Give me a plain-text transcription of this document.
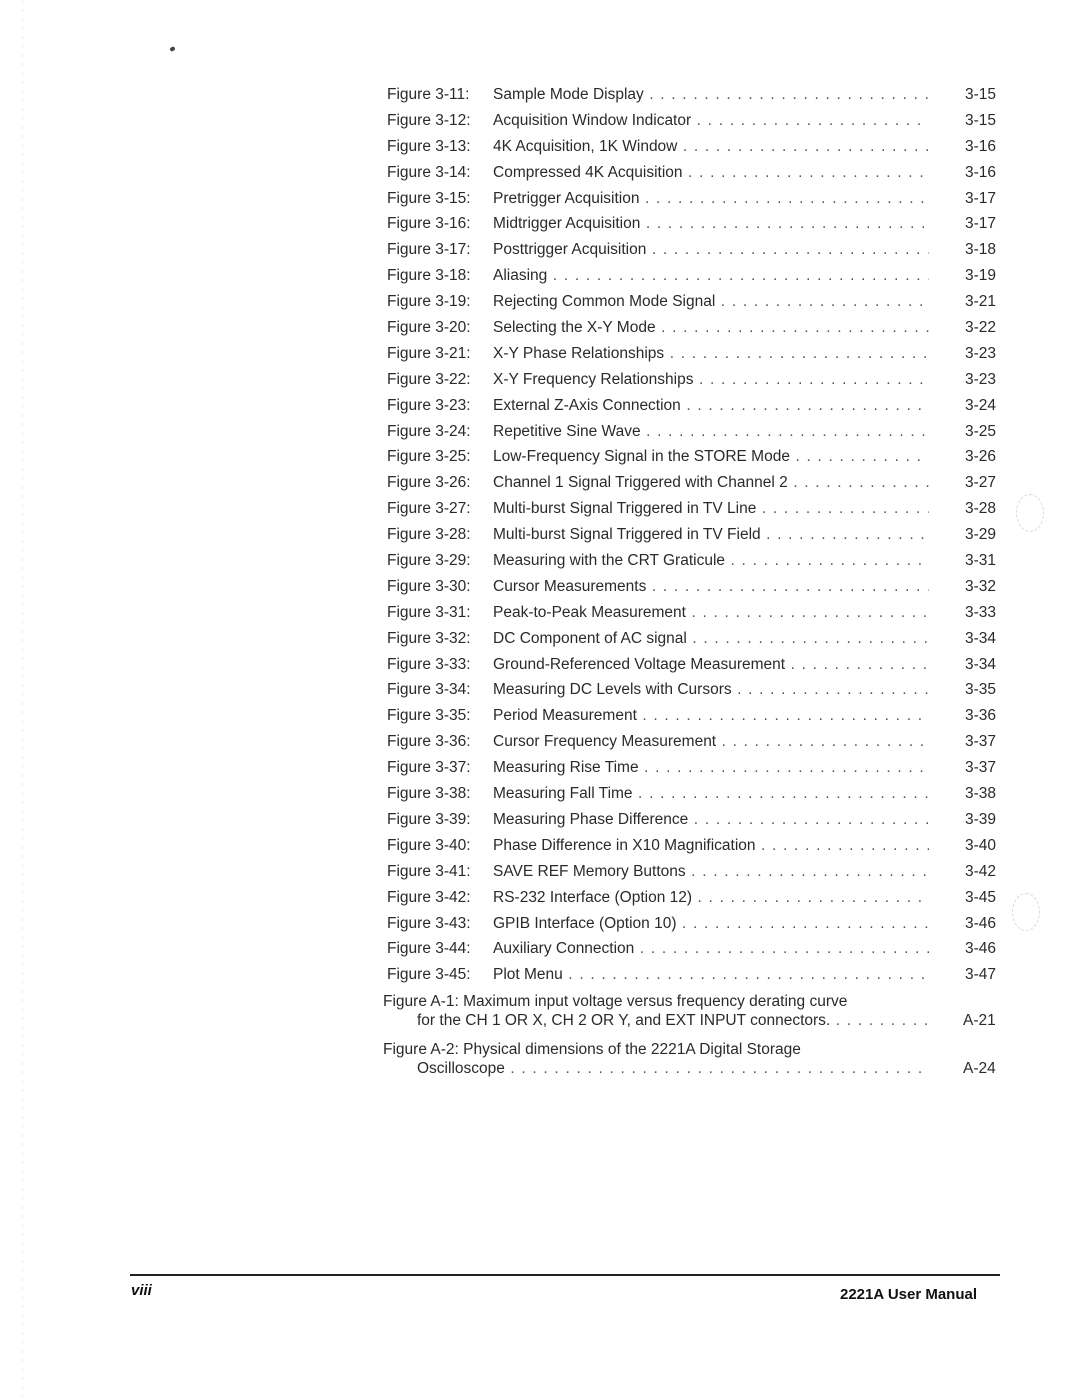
Figure 3-11:	Sample Mode Display . . .	3-15
Figure 3-12:	Acquisition Window Indicator . . .	3-15
Figure 3-13:	4K Acquisition, 1K Window . . .	3-16
Figure 3-14:	Compressed 4K Acquisition . . .	3-16
Figure 3-15:	Pretrigger Acquisition . . .	3-17
Figure 3-16:	Midtrigger Acquisition . . .	3-17
Figure 3-17:	Posttrigger Acquisition . . .	3-18
Figure 3-18:	Aliasing . . .	3-19
Figure 3-19:	Rejecting Common Mode Signal . . .	3-21
Figure 3-20:	Selecting the X-Y Mode . . .	3-22
Figure 3-21:	X-Y Phase Relationships . . .	3-23
Figure 3-22:	X-Y Frequency Relationships . . .	3-23
Figure 3-23:	External Z-Axis Connection . . .	3-24
Figure 3-24:	Repetitive Sine Wave . . .	3-25
Figure 3-25:	Low-Frequency Signal in the STORE Mode . . .	3-26
Figure 3-26:	Channel 1 Signal Triggered with Channel 2 . . .	3-27
Figure 3-27:	Multi-burst Signal Triggered in TV Line . . .	3-28
Figure 3-28:	Multi-burst Signal Triggered in TV Field . . .	3-29
Figure 3-29:	Measuring with the CRT Graticule . . .	3-31
Figure 3-30:	Cursor Measurements . . .	3-32
Figure 3-31:	Peak-to-Peak Measurement . . .	3-33
Figure 3-32:	DC Component of AC signal . . .	3-34
Figure 3-33:	Ground-Referenced Voltage Measurement . . .	3-34
Figure 3-34:	Measuring DC Levels with Cursors . . .	3-35
Figure 3-35:	Period Measurement . . .	3-36
Figure 3-36:	Cursor Frequency Measurement . . .	3-37
Figure 3-37:	Measuring Rise Time . . .	3-37
Figure 3-38:	Measuring Fall Time . . .	3-38
Figure 3-39:	Measuring Phase Difference . . .	3-39
Figure 3-40:	Phase Difference in X10 Magnification . . .	3-40
Figure 3-41:	SAVE REF Memory Buttons . . .	3-42
Figure 3-42:	RS-232 Interface (Option 12) . . .	3-45
Figure 3-43:	GPIB Interface (Option 10) . . .	3-46
Figure 3-44:	Auxiliary Connection . . .	3-46
Figure 3-45:	Plot Menu . . .	3-47
Figure A-1: Maximum input voltage versus frequency derating curve
for the CH 1 OR X, CH 2 OR Y, and EXT INPUT connectors. . . .	A-21
Figure A-2: Physical dimensions of the 2221A Digital Storage
Oscilloscope . . .	A-24
viii	2221A User Manual
